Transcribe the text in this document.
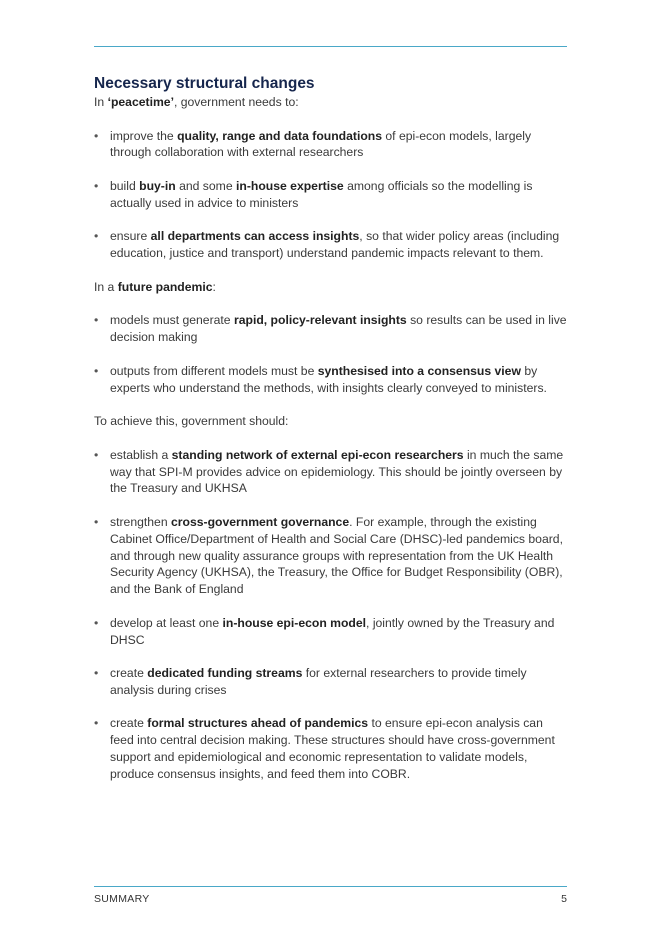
Necessary structural changes

In ‘peacetime’, government needs to:

• improve the quality, range and data foundations of epi-econ models, largely through collaboration with external researchers
• build buy-in and some in-house expertise among officials so the modelling is actually used in advice to ministers
• ensure all departments can access insights, so that wider policy areas (including education, justice and transport) understand pandemic impacts relevant to them.

In a future pandemic:

• models must generate rapid, policy-relevant insights so results can be used in live decision making
• outputs from different models must be synthesised into a consensus view by experts who understand the methods, with insights clearly conveyed to ministers.

To achieve this, government should:

• establish a standing network of external epi-econ researchers in much the same way that SPI-M provides advice on epidemiology. This should be jointly overseen by the Treasury and UKHSA
• strengthen cross-government governance. For example, through the existing Cabinet Office/Department of Health and Social Care (DHSC)-led pandemics board, and through new quality assurance groups with representation from the UK Health Security Agency (UKHSA), the Treasury, the Office for Budget Responsibility (OBR), and the Bank of England
• develop at least one in-house epi-econ model, jointly owned by the Treasury and DHSC
• create dedicated funding streams for external researchers to provide timely analysis during crises
• create formal structures ahead of pandemics to ensure epi-econ analysis can feed into central decision making. These structures should have cross-government support and epidemiological and economic representation to validate models, produce consensus insights, and feed them into COBR.
SUMMARY	5
